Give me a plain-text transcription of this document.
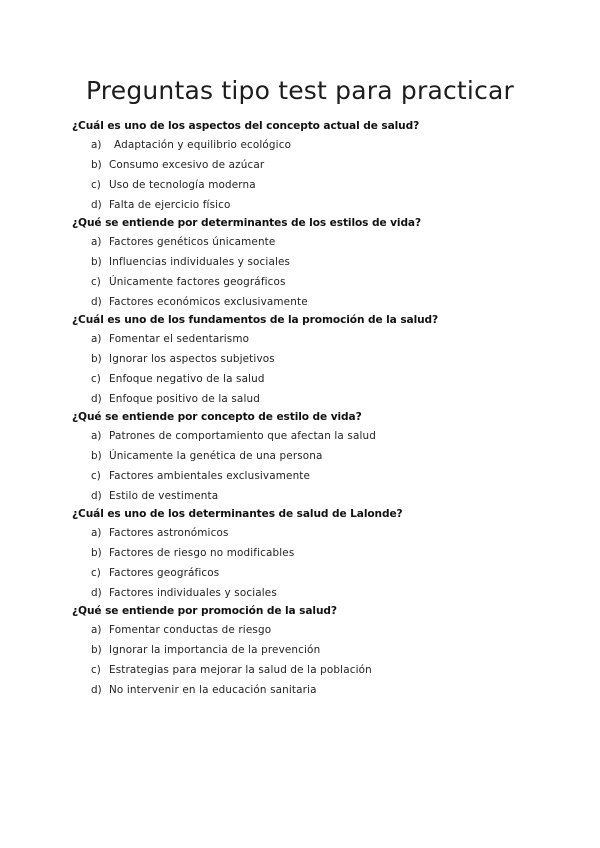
Preguntas tipo test para practicar
¿Cuál es uno de los aspectos del concepto actual de salud?
a)	Adaptación y equilibrio ecológico
b) Consumo excesivo de azúcar
c) Uso de tecnología moderna
d) Falta de ejercicio físico
¿Qué se entiende por determinantes de los estilos de vida?
a) Factores genéticos únicamente
b) Influencias individuales y sociales
c) Únicamente factores geográficos
d) Factores económicos exclusivamente
¿Cuál es uno de los fundamentos de la promoción de la salud?
a) Fomentar el sedentarismo
b) Ignorar los aspectos subjetivos
c) Enfoque negativo de la salud
d) Enfoque positivo de la salud
¿Qué se entiende por concepto de estilo de vida?
a) Patrones de comportamiento que afectan la salud
b) Únicamente la genética de una persona
c) Factores ambientales exclusivamente
d) Estilo de vestimenta
¿Cuál es uno de los determinantes de salud de Lalonde?
a) Factores astronómicos
b) Factores de riesgo no modificables
c) Factores geográficos
d) Factores individuales y sociales
¿Qué se entiende por promoción de la salud?
a) Fomentar conductas de riesgo
b) Ignorar la importancia de la prevención
c) Estrategias para mejorar la salud de la población
d) No intervenir en la educación sanitaria
